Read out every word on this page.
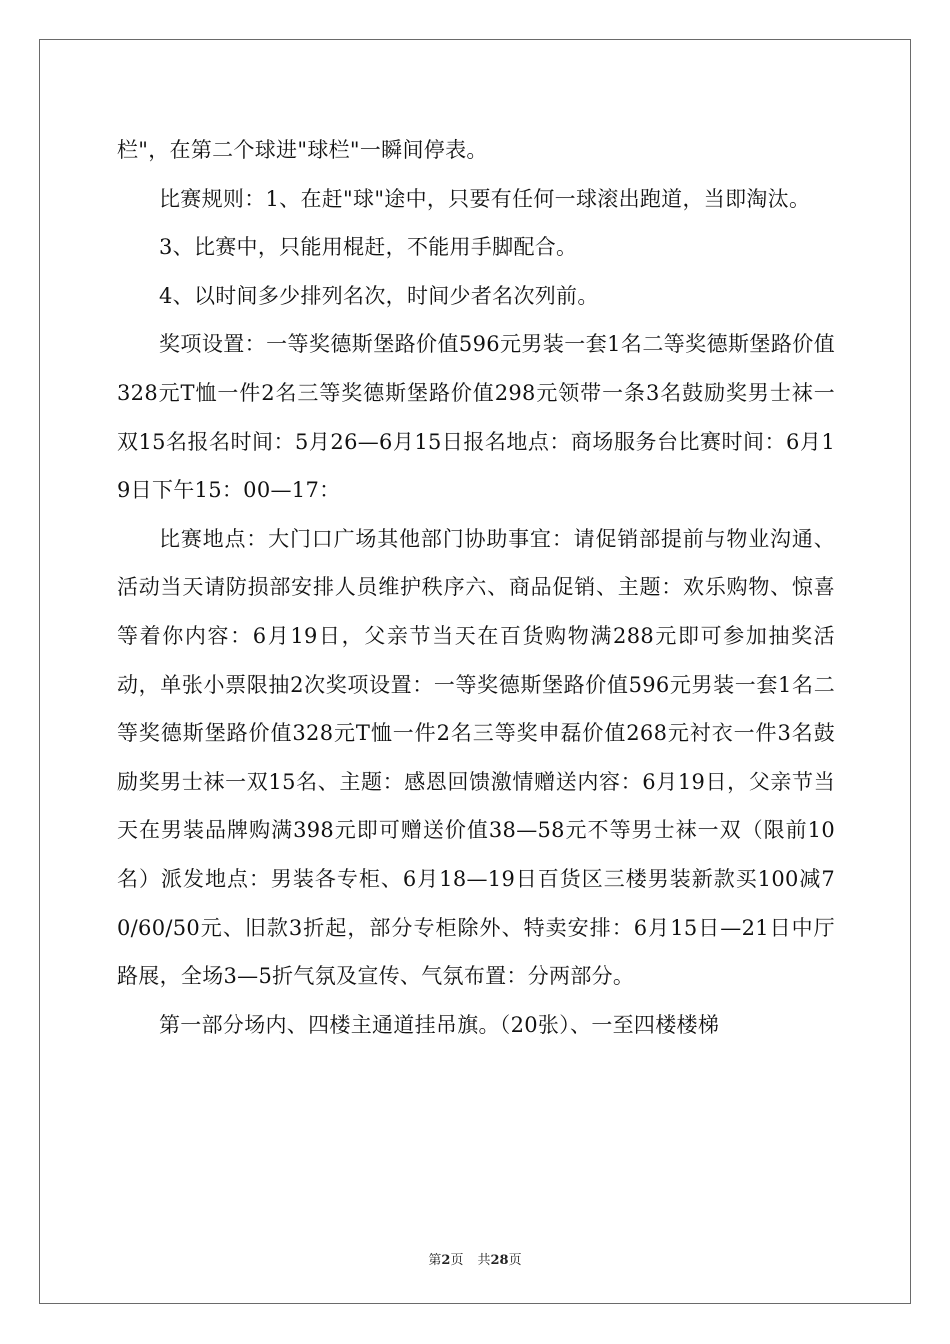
栏"，在第二个球进"球栏"一瞬间停表。

比赛规则：1、在赶"球"途中，只要有任何一球滚出跑道，当即淘汰。

3、比赛中，只能用棍赶，不能用手脚配合。

4、以时间多少排列名次，时间少者名次列前。

奖项设置：一等奖德斯堡路价值596元男装一套1名二等奖德斯堡路价值328元T恤一件2名三等奖德斯堡路价值298元领带一条3名鼓励奖男士袜一双15名报名时间：5月26—6月15日报名地点：商场服务台比赛时间：6月19日下午15：00—17：

比赛地点：大门口广场其他部门协助事宜：请促销部提前与物业沟通、活动当天请防损部安排人员维护秩序六、商品促销、主题：欢乐购物、惊喜等着你内容：6月19日，父亲节当天在百货购物满288元即可参加抽奖活动，单张小票限抽2次奖项设置：一等奖德斯堡路价值596元男装一套1名二等奖德斯堡路价值328元T恤一件2名三等奖申磊价值268元衬衣一件3名鼓励奖男士袜一双15名、主题：感恩回馈激情赠送内容：6月19日，父亲节当天在男装品牌购满398元即可赠送价值38—58元不等男士袜一双（限前10名）派发地点：男装各专柜、6月18—19日百货区三楼男装新款买100减70/60/50元、旧款3折起，部分专柜除外、特卖安排：6月15日—21日中厅路展，全场3—5折气氛及宣传、气氛布置：分两部分。

第一部分场内、四楼主通道挂吊旗。（20张）、一至四楼楼梯

第2页 共28页
